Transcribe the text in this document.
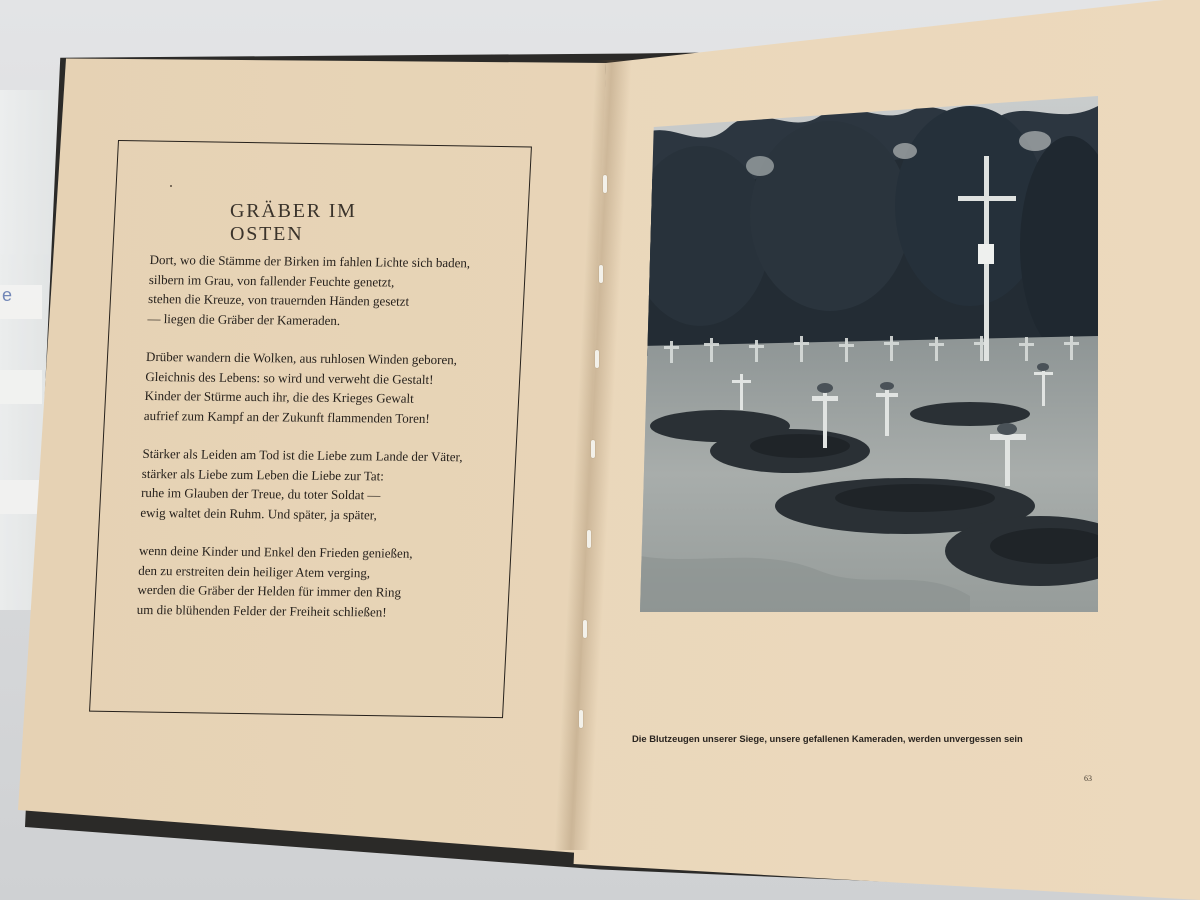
e
GRÄBER IM OSTEN
Dort, wo die Stämme der Birken im fahlen Lichte sich baden,
silbern im Grau, von fallender Feuchte genetzt,
stehen die Kreuze, von trauernden Händen gesetzt
— liegen die Gräber der Kameraden.
Drüber wandern die Wolken, aus ruhlosen Winden geboren,
Gleichnis des Lebens: so wird und verweht die Gestalt!
Kinder der Stürme auch ihr, die des Krieges Gewalt
aufrief zum Kampf an der Zukunft flammenden Toren!
Stärker als Leiden am Tod ist die Liebe zum Lande der Väter,
stärker als Liebe zum Leben die Liebe zur Tat:
ruhe im Glauben der Treue, du toter Soldat —
ewig waltet dein Ruhm. Und später, ja später,
wenn deine Kinder und Enkel den Frieden genießen,
den zu erstreiten dein heiliger Atem verging,
werden die Gräber der Helden für immer den Ring
um die blühenden Felder der Freiheit schließen!
Die Blutzeugen unserer Siege, unsere gefallenen Kameraden, werden unvergessen sein
63
